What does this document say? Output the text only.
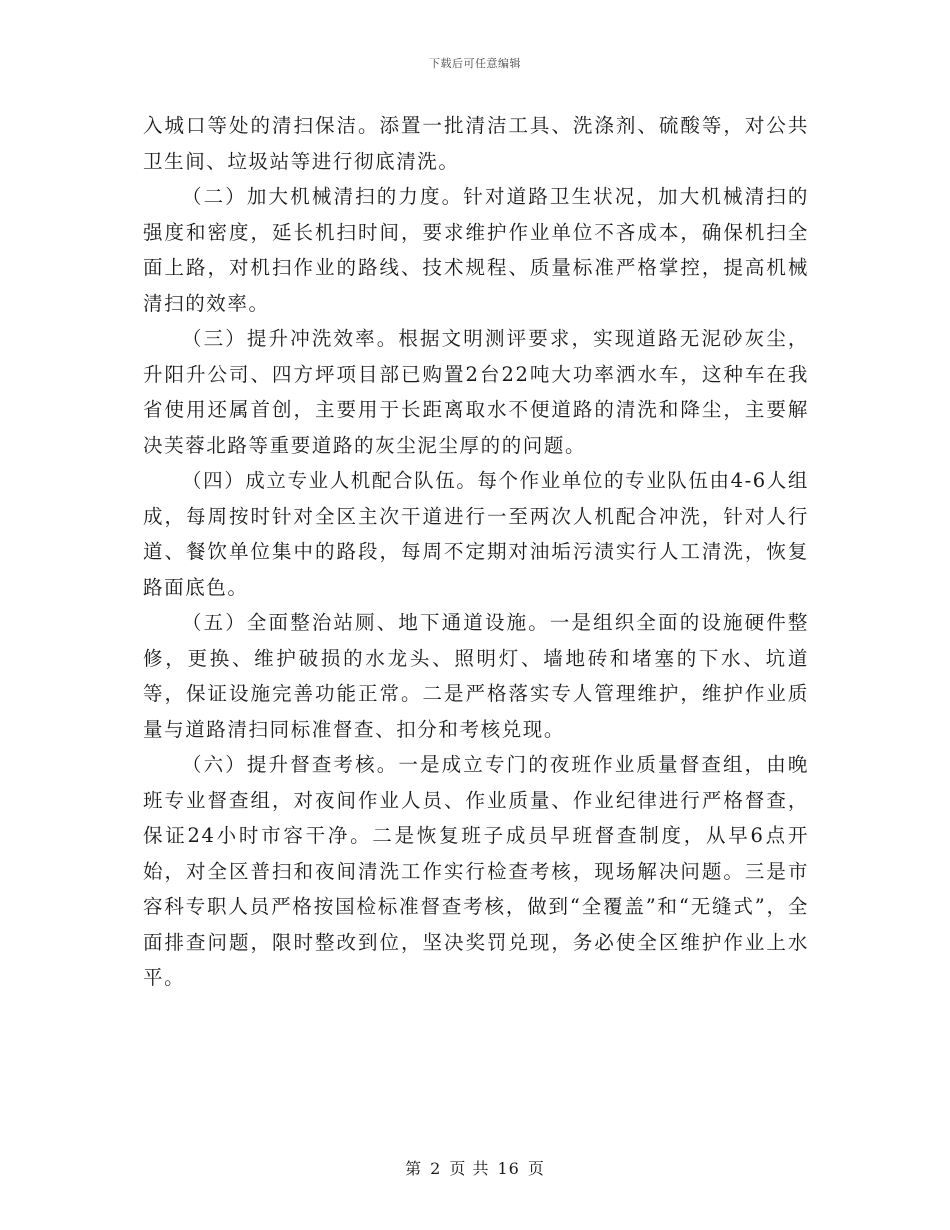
下载后可任意编辑

入城口等处的清扫保洁。添置一批清洁工具、洗涤剂、硫酸等，对公共卫生间、垃圾站等进行彻底清洗。

（二）加大机械清扫的力度。针对道路卫生状况，加大机械清扫的强度和密度，延长机扫时间，要求维护作业单位不吝成本，确保机扫全面上路，对机扫作业的路线、技术规程、质量标准严格掌控，提高机械清扫的效率。

（三）提升冲洗效率。根据文明测评要求，实现道路无泥砂灰尘，升阳升公司、四方坪项目部已购置2台22吨大功率洒水车，这种车在我省使用还属首创，主要用于长距离取水不便道路的清洗和降尘，主要解决芙蓉北路等重要道路的灰尘泥尘厚的的问题。

（四）成立专业人机配合队伍。每个作业单位的专业队伍由4-6人组成，每周按时针对全区主次干道进行一至两次人机配合冲洗，针对人行道、餐饮单位集中的路段，每周不定期对油垢污渍实行人工清洗，恢复路面底色。

（五）全面整治站厕、地下通道设施。一是组织全面的设施硬件整修，更换、维护破损的水龙头、照明灯、墙地砖和堵塞的下水、坑道等，保证设施完善功能正常。二是严格落实专人管理维护，维护作业质量与道路清扫同标准督查、扣分和考核兑现。

（六）提升督查考核。一是成立专门的夜班作业质量督查组，由晚班专业督查组，对夜间作业人员、作业质量、作业纪律进行严格督查，保证24小时市容干净。二是恢复班子成员早班督查制度，从早6点开始，对全区普扫和夜间清洗工作实行检查考核，现场解决问题。三是市容科专职人员严格按国检标准督查考核，做到“全覆盖”和“无缝式”，全面排查问题，限时整改到位，坚决奖罚兑现，务必使全区维护作业上水平。

第 2 页 共 16 页
